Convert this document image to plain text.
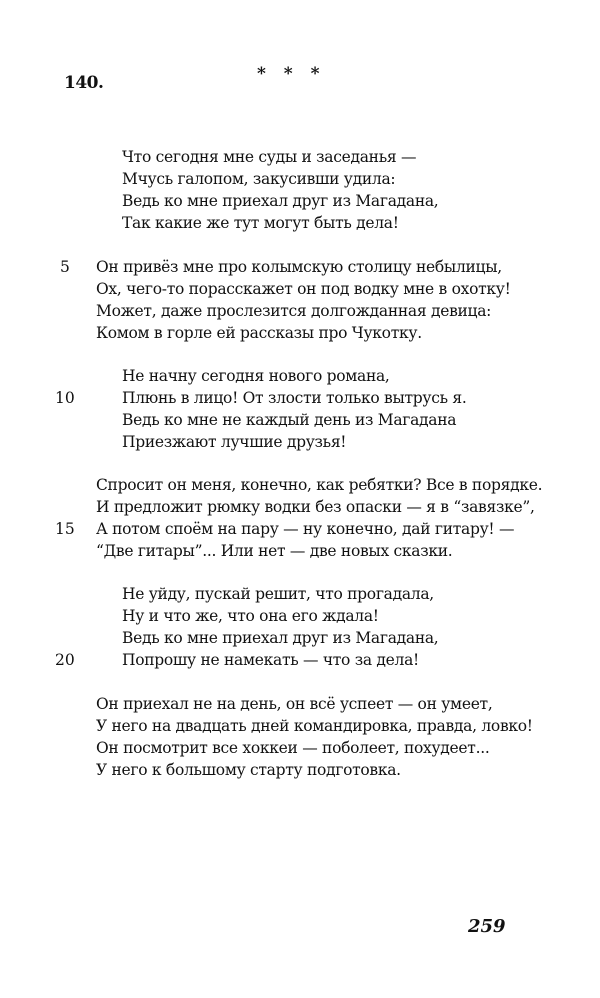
140.	* * *
Что сегодня мне суды и заседанья —
Мчусь галопом, закусивши удила:
Ведь ко мне приехал друг из Магадана,
Так какие же тут могут быть дела!
5 Он привёз мне про колымскую столицу небылицы,
Ох, чего-то порасскажет он под водку мне в охотку!
Может, даже прослезится долгожданная девица:
Комом в горле ей рассказы про Чукотку.
Не начну сегодня нового романа,
10	Плюнь в лицо! От злости только вытрусь я.
Ведь ко мне не каждый день из Магадана
Приезжают лучшие друзья!
Спросит он меня, конечно, как ребятки? Все в порядке.
И предложит рюмку водки без опаски — я в “завязке”,
15 А потом споём на пару — ну конечно, дай гитару! —
“Две гитары”... Или нет — две новых сказки.
Не уйду, пускай решит, что прогадала,
Ну и что же, что она его ждала!
Ведь ко мне приехал друг из Магадана,
20	Попрошу не намекать — что за дела!
Он приехал не на день, он всё успеет — он умеет,
У него на двадцать дней командировка, правда, ловко!
Он посмотрит все хоккеи — поболеет, похудеет...
У него к большому старту подготовка.
259
